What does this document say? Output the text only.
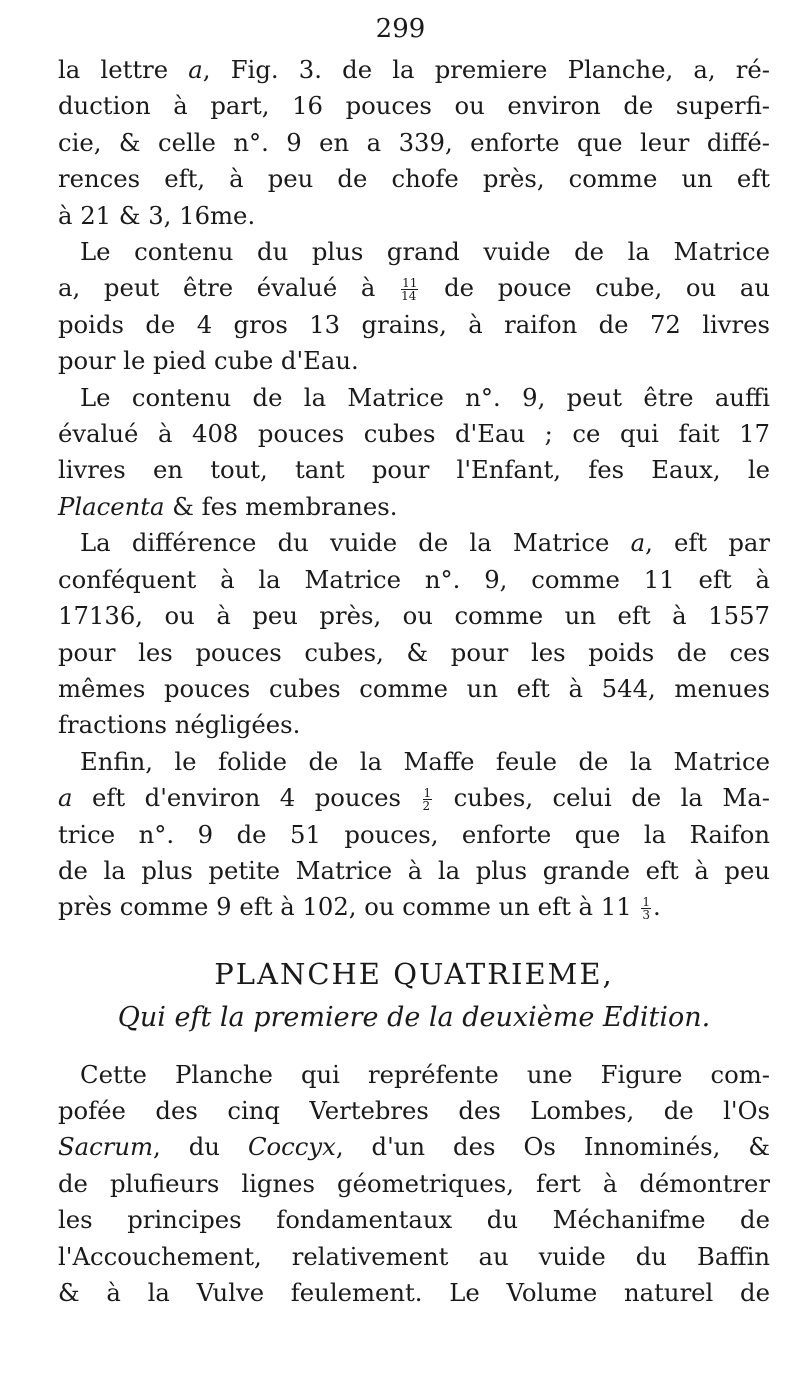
299
la lettre a, Fig. 3. de la premiere Planche, a, ré-
duction à part, 16 pouces ou environ de superfi-
cie, & celle n°. 9 en a 339, enforte que leur diffé-
rences eft, à peu de chofe près, comme un eft
à 21 & 3, 16me.
Le contenu du plus grand vuide de la Matrice
a, peut être évalué à $\frac{11}{14}$ de pouce cube, ou au
poids de 4 gros 13 grains, à raifon de 72 livres
pour le pied cube d'Eau.
Le contenu de la Matrice n°. 9, peut être auffi
évalué à 408 pouces cubes d'Eau ; ce qui fait 17
livres en tout, tant pour l'Enfant, fes Eaux, le
Placenta & fes membranes.
La différence du vuide de la Matrice a, eft par
conféquent à la Matrice n°. 9, comme 11 eft à
17136, ou à peu près, ou comme un eft à 1557
pour les pouces cubes, & pour les poids de ces
mêmes pouces cubes comme un eft à 544, menues
fractions négligées.
Enfin, le folide de la Maffe feule de la Matrice
a eft d'environ 4 pouces $\frac{1}{2}$ cubes, celui de la Ma-
trice n°. 9 de 51 pouces, enforte que la Raifon
de la plus petite Matrice à la plus grande eft à peu
près comme 9 eft à 102, ou comme un eft à $11 \frac{1}{3}$ .
PLANCHE QUATRIEME,
Qui eft la premiere de la deuxième Edition.
Cette Planche qui repréfente une Figure com-
pofée des cinq Vertebres des Lombes, de l'Os
Sacrum, du Coccyx, d'un des Os Innominés, &
de plufieurs lignes géometriques, fert à démontrer
les principes fondamentaux du Méchanifme de
l'Accouchement, relativement au vuide du Baffin
& à la Vulve feulement. Le Volume naturel de
